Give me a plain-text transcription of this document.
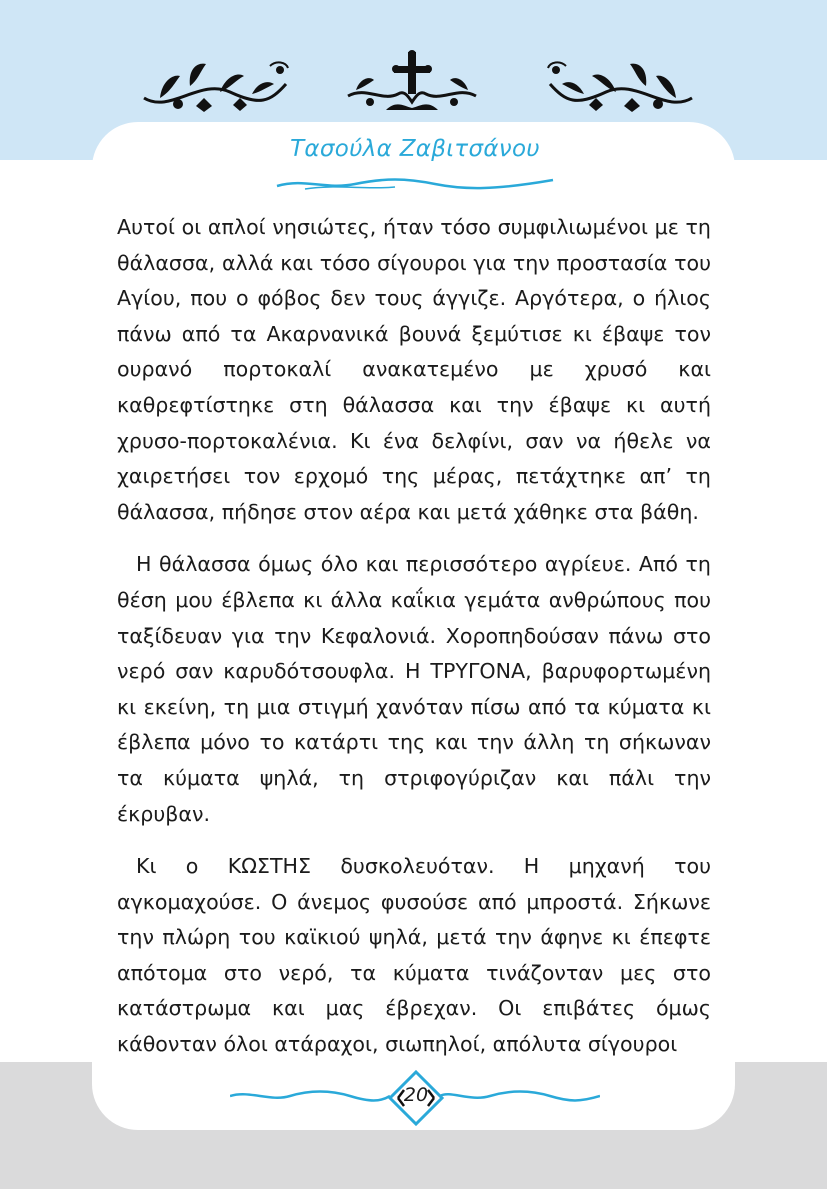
Τασούλα Ζαβιτσάνου

Αυτοί οι απλοί νησιώτες, ήταν τόσο συμφιλιωμένοι με τη θάλασσα, αλλά και τόσο σίγουροι για την προστασία του Αγίου, που ο φόβος δεν τους άγγιζε. Αργότερα, ο ήλιος πάνω από τα Ακαρνανικά βουνά ξεμύτισε κι έβαψε τον ουρανό πορτοκαλί ανακατεμένο με χρυσό και καθρεφτίστηκε στη θάλασσα και την έβαψε κι αυτή χρυσο-πορτοκαλένια. Κι ένα δελφίνι, σαν να ήθελε να χαιρετήσει τον ερχομό της μέρας, πετάχτηκε απ’ τη θάλασσα, πήδησε στον αέρα και μετά χάθηκε στα βάθη.

Η θάλασσα όμως όλο και περισσότερο αγρίευε. Από τη θέση μου έβλεπα κι άλλα καΐκια γεμάτα ανθρώπους που ταξίδευαν για την Κεφαλονιά. Χοροπηδούσαν πάνω στο νερό σαν καρυδότσουφλα. Η ΤΡΥΓΟΝΑ, βαρυφορτωμένη κι εκείνη, τη μια στιγμή χανόταν πίσω από τα κύματα κι έβλεπα μόνο το κατάρτι της και την άλλη τη σήκωναν τα κύματα ψηλά, τη στριφογύριζαν και πάλι την έκρυβαν.

Κι ο ΚΩΣΤΗΣ δυσκολευόταν. Η μηχανή του αγκομαχούσε. Ο άνεμος φυσούσε από μπροστά. Σήκωνε την πλώρη του καϊκιού ψηλά, μετά την άφηνε κι έπεφτε απότομα στο νερό, τα κύματα τινάζονταν μες στο κατάστρωμα και μας έβρεχαν. Οι επιβάτες όμως κάθονταν όλοι ατάραχοι, σιωπηλοί, απόλυτα σίγουροι

20
